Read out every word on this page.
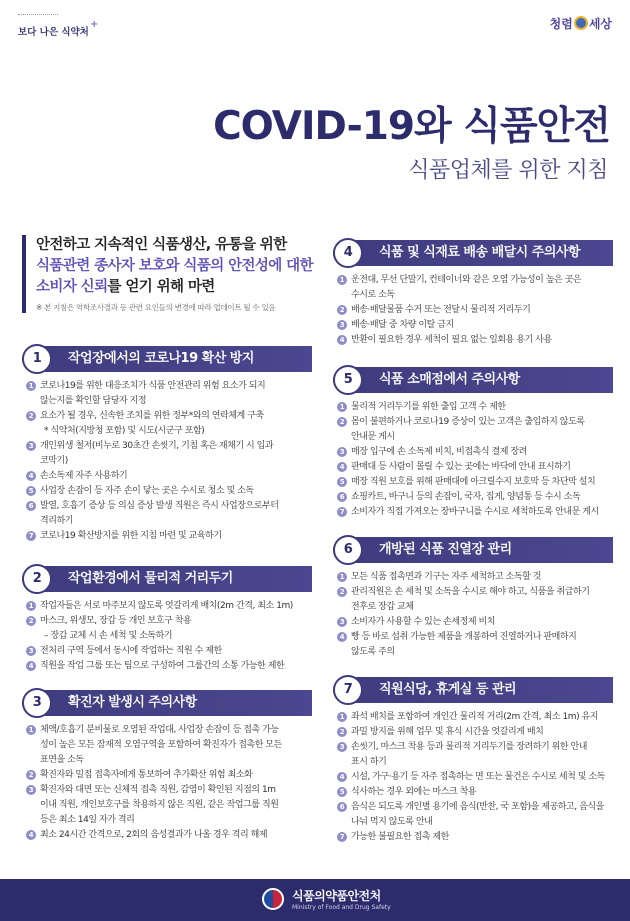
보다 나은 식약처
+	청렴 세상
COVID-19와 식품안전
식품업체를 위한 지침
안전하고 지속적인 식품생산, 유통을 위한
식품관련 종사자 보호와 식품의 안전성에 대한
소비자 신뢰를 얻기 위해 마련
※ 본 지침은 역학조사결과 등 관련 요인들의 변경에 따라 업데이트 될 수 있음
1	작업장에서의 코로나19 확산 방지
1 코로나19를 위한 대응조치가 식품 안전관리 위험 요소가 되지
않는지를 확인할 담당자 지정
2 요소가 될 경우, 신속한 조치를 위한 정부*와의 연락체계 구축
* 식약처(지방청 포함) 및 시도(시군구 포함)
3 개인위생 철저(비누로 30초간 손씻기, 기침 혹은 재채기 시 입과
코막기)
4 손소독제 자주 사용하기
5 사업장 손잡이 등 자주 손이 닿는 곳은 수시로 청소 및 소독
6 발열, 호흡기 증상 등 의심 증상 발생 직원은 즉시 사업장으로부터
격리하기
7 코로나19 확산방지를 위한 지침 마련 및 교육하기
2	작업환경에서 물리적 거리두기
1 작업자들은 서로 마주보지 않도록 엇갈리게 배치(2m 간격, 최소 1m)
2 마스크, 위생모, 장갑 등 개인 보호구 착용
– 장갑 교체 시 손 세척 및 소독하기
3 전처리 구역 등에서 동시에 작업하는 직원 수 제한
4 직원을 작업 그룹 또는 팀으로 구성하여 그룹간의 소통 가능한 제한
3	확진자 발생시 주의사항
1 체액/호흡기 분비물로 오염된 작업대, 사업장 손잡이 등 접촉 가능
성이 높은 모든 잠재적 오염구역을 포함하여 확진자가 접촉한 모든
표면을 소독
2 확진자와 밀접 접촉자에게 통보하여 추가확산 위험 최소화
3 확진자와 대면 또는 신체적 접촉 직원, 감염이 확인된 지점의 1m
이내 직원, 개인보호구를 착용하지 않은 직원, 같은 작업그룹 직원
등은 최소 14일 자가 격리
4 최소 24시간 간격으로, 2회의 음성결과가 나올 경우 격리 해제
4	식품 및 식재료 배송 배달시 주의사항
1 운전대, 무선 단말기, 컨테이너와 같은 오염 가능성이 높은 곳은
수시로 소독
2 배송·배달물품 수거 또는 전달시 물리적 거리두기
3 배송·배달 중 차량 이탈 금지
4 반환이 필요한 경우 세척이 필요 없는 일회용 용기 사용
5	식품 소매점에서 주의사항
1 물리적 거리두기를 위한 출입 고객 수 제한
2 몸이 불편하거나 코로나19 증상이 있는 고객은 출입하지 않도록
안내문 게시
3 매장 입구에 손 소독제 비치, 비접촉식 결제 장려
4 판매대 등 사람이 몰릴 수 있는 곳에는 바닥에 안내 표시하기
5 매장 직원 보호를 위해 판매대에 아크릴수지 보호막 등 차단막 설치
6 쇼핑카트, 바구니 등의 손잡이, 국자, 집게, 양념통 등 수시 소독
7 소비자가 직접 가져오는 장바구니를 수시로 세척하도록 안내문 게시
6	개방된 식품 진열장 관리
1 모든 식품 접촉면과 기구는 자주 세척하고 소독할 것
2 관리직원은 손 세척 및 소독을 수시로 해야 하고, 식품을 취급하기
전후로 장갑 교체
3 소비자가 사용할 수 있는 손세정제 비치
4 빵 등 바로 섭취 가능한 제품을 개봉하여 진열하거나 판매하지
않도록 주의
7	직원식당, 휴게실 등 관리
1 좌석 배치를 포함하여 개인간 물리적 거리(2m 간격, 최소 1m) 유지
2 과밀 방지를 위해 업무 및 휴식 시간을 엇갈리게 배치
3 손씻기, 마스크 착용 등과 물리적 거리두기를 장려하기 위한 안내
표시 하기
4 시설, 가구·용기 등 자주 접촉하는 면 또는 물건은 수시로 세척 및 소독
5 식사하는 경우 외에는 마스크 착용
6 음식은 되도록 개인별 용기에 음식(반찬, 국 포함)을 제공하고, 음식을
나눠 먹지 않도록 안내
7 가능한 불필요한 접촉 제한
식품의약품안전처
Ministry of Food and Drug Safety
